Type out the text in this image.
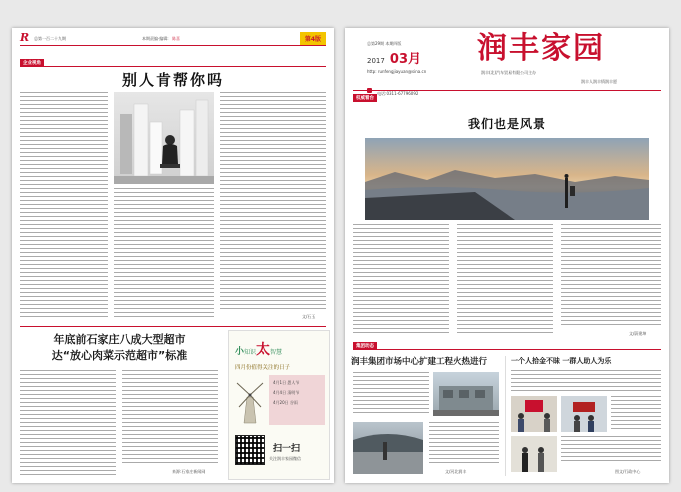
R 总第一百二十九期	本期责编·编辑: 陈喜	第4版
企业视角
别人肯帮你吗
文/石玉
年底前石家庄八成大型超市
达“放心肉菜示范超市”标准
来源:石家庄新闻网
小知识太智慧
四月份值得关注的日子
4月1日 愚人节
4月4日 清明节
4月20日 谷雨
扫一扫
关注润丰家园微信
总第29期 本期四版
2017 03月
http: runfengjiayuan@sina.cn
电话:0311-67796092
润丰家园
润丰(北)汽车贸易有限公司主办
润丰人润丰情润丰愿
权威看台
我们也是风景
文/蔚建坤
集团动态
润丰集团市场中心扩建工程火热进行
文/河北润丰
一个人拾金不昧 一群人助人为乐
图文/行政中心
